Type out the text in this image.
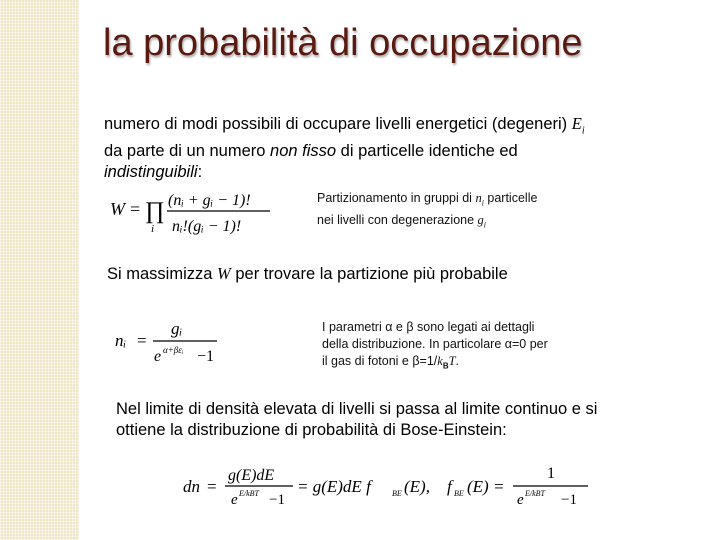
la probabilità di occupazione
numero di modi possibili di occupare livelli energetici (degeneri) $E_i$
da parte di un numero non fisso di particelle identiche ed
indistinguibili:
W = ∏
i
(nᵢ + gᵢ − 1)!
nᵢ!(gᵢ − 1)!
Partizionamento in gruppi di $n_i$ particelle
nei livelli con degenerazione $g_i$
Si massimizza W per trovare la partizione più probabile
nᵢ =
gᵢ
e α+βεᵢ −1
I parametri α e β sono legati ai dettagli
della distribuzione. In particolare α=0 per
il gas di fotoni e $\beta=1/k_BT$.
Nel limite di densità elevata di livelli si passa al limite continuo e si
ottiene la distribuzione di probabilità di Bose-Einstein:
dn =
g(E)dE
e E/kBT −1
= g(E)dE f	BE (E), f BE (E) =
1
e E/kBT −1
